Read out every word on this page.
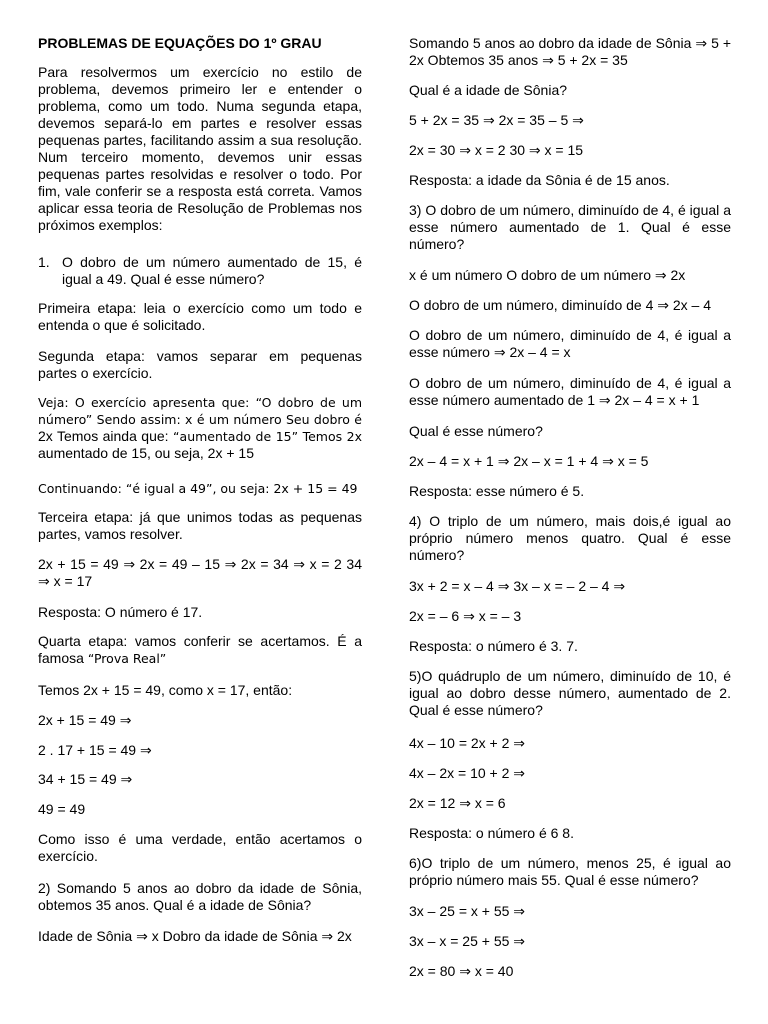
PROBLEMAS DE EQUAÇÕES DO 1º GRAU

Para resolvermos um exercício no estilo de problema, devemos primeiro ler e entender o problema, como um todo. Numa segunda etapa, devemos separá-lo em partes e resolver essas pequenas partes, facilitando assim a sua resolução. Num terceiro momento, devemos unir essas pequenas partes resolvidas e resolver o todo. Por fim, vale conferir se a resposta está correta. Vamos aplicar essa teoria de Resolução de Problemas nos próximos exemplos:

1. O dobro de um número aumentado de 15, é igual a 49. Qual é esse número?

Primeira etapa: leia o exercício como um todo e entenda o que é solicitado.

Segunda etapa: vamos separar em pequenas partes o exercício.

Veja: O exercício apresenta que: “O dobro de um número” Sendo assim: x é um número Seu dobro é 2x Temos ainda que: “aumentado de 15” Temos 2x aumentado de 15, ou seja, 2x + 15

Continuando: “é igual a 49”, ou seja: 2x + 15 = 49

Terceira etapa: já que unimos todas as pequenas partes, vamos resolver.

2x + 15 = 49 ⇒ 2x = 49 – 15 ⇒ 2x = 34 ⇒ x = 2 34 ⇒ x = 17

Resposta: O número é 17.

Quarta etapa: vamos conferir se acertamos. É a famosa “Prova Real”

Temos 2x + 15 = 49, como x = 17, então:

2x + 15 = 49 ⇒

2 . 17 + 15 = 49 ⇒

34 + 15 = 49 ⇒

49 = 49

Como isso é uma verdade, então acertamos o exercício.

2) Somando 5 anos ao dobro da idade de Sônia, obtemos 35 anos. Qual é a idade de Sônia?

Idade de Sônia ⇒ x Dobro da idade de Sônia ⇒ 2x

Somando 5 anos ao dobro da idade de Sônia ⇒ 5 + 2x Obtemos 35 anos ⇒ 5 + 2x = 35

Qual é a idade de Sônia?

5 + 2x = 35 ⇒ 2x = 35 – 5 ⇒

2x = 30 ⇒ x = 2 30 ⇒ x = 15

Resposta: a idade da Sônia é de 15 anos.

3) O dobro de um número, diminuído de 4, é igual a esse número aumentado de 1. Qual é esse número?

x é um número O dobro de um número ⇒ 2x

O dobro de um número, diminuído de 4 ⇒ 2x – 4

O dobro de um número, diminuído de 4, é igual a esse número ⇒ 2x – 4 = x

O dobro de um número, diminuído de 4, é igual a esse número aumentado de 1 ⇒ 2x – 4 = x + 1

Qual é esse número?

2x – 4 = x + 1 ⇒ 2x – x = 1 + 4 ⇒ x = 5

Resposta: esse número é 5.

4) O triplo de um número, mais dois,é igual ao próprio número menos quatro. Qual é esse número?

3x + 2 = x – 4 ⇒ 3x – x = – 2 – 4 ⇒

2x = – 6 ⇒ x = – 3

Resposta: o número é 3. 7.

5)O quádruplo de um número, diminuído de 10, é igual ao dobro desse número, aumentado de 2. Qual é esse número?

4x – 10 = 2x + 2 ⇒

4x – 2x = 10 + 2 ⇒

2x = 12 ⇒ x = 6

Resposta: o número é 6 8.

6)O triplo de um número, menos 25, é igual ao próprio número mais 55. Qual é esse número?

3x – 25 = x + 55 ⇒

3x – x = 25 + 55 ⇒

2x = 80 ⇒ x = 40
